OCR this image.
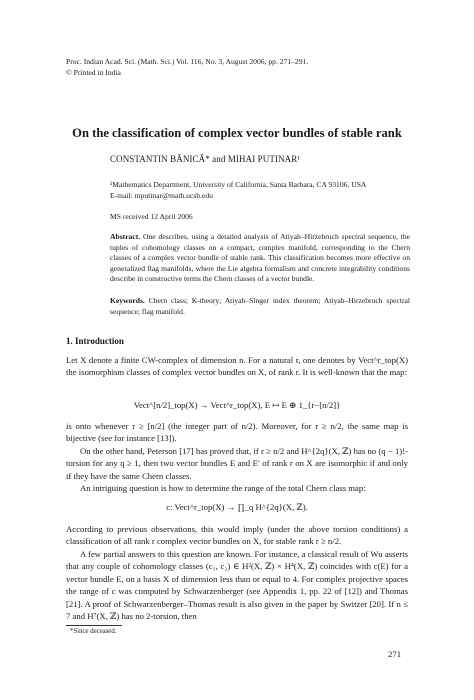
Proc. Indian Acad. Sci. (Math. Sci.) Vol. 116, No. 3, August 2006, pp. 271–291.
© Printed in India
On the classification of complex vector bundles of stable rank
CONSTANTIN BĂNICĂ* and MIHAI PUTINAR¹
¹Mathematics Department, University of California, Santa Barbara, CA 93106, USA
E-mail: mputinar@math.ucsb.edu
MS received 12 April 2006
Abstract. One describes, using a detailed analysis of Atiyah–Hirzebruch spectral sequence, the tuples of cohomology classes on a compact, complex manifold, corresponding to the Chern classes of a complex vector bundle of stable rank. This classification becomes more effective on generalized flag manifolds, where the Lie algebra formalism and concrete integrability conditions describe in constructive terms the Chern classes of a vector bundle.
Keywords. Chern class; K-theory; Atiyah–Singer index theorem; Atiyah–Hirzebruch spectral sequence; flag manifold.
1. Introduction
Let X denote a finite CW-complex of dimension n. For a natural r, one denotes by Vect^r_top(X) the isomorphism classes of complex vector bundles on X, of rank r. It is well-known that the map:
Vect^[n/2]_top(X) → Vect^r_top(X), E ↦ E ⊕ 1_{r−[n/2]}
is onto whenever r ≥ [n/2] (the integer part of n/2). Moreover, for r ≥ n/2, the same map is bijective (see for instance [13]).
On the other hand, Peterson [17] has proved that, if r ≥ n/2 and H^{2q}(X, ℤ) has no (q − 1)!-torsion for any q ≥ 1, then two vector bundles E and E′ of rank r on X are isomorphic if and only if they have the same Chern classes.
An intriguing question is how to determine the range of the total Chern class map:
c: Vect^r_top(X) → ∏_q H^{2q}(X, ℤ).
According to previous observations, this would imply (under the above torsion conditions) a classification of all rank r complex vector bundles on X, for stable rank r ≥ n/2.
A few partial answers to this question are known. For instance, a classical result of Wu asserts that any couple of cohomology classes (c₁, c₂) ∈ H²(X, ℤ) × H⁴(X, ℤ) coincides with c(E) for a vector bundle E, on a basis X of dimension less than or equal to 4. For complex projective spaces the range of c was computed by Schwarzenberger (see Appendix 1, pp. 22 of [12]) and Thomas [21]. A proof of Schwarzenberger–Thomas result is also given in the paper by Switzer [20]. If n ≤ 7 and H⁷(X, ℤ) has no 2-torsion, then
*Since deceased.
271
